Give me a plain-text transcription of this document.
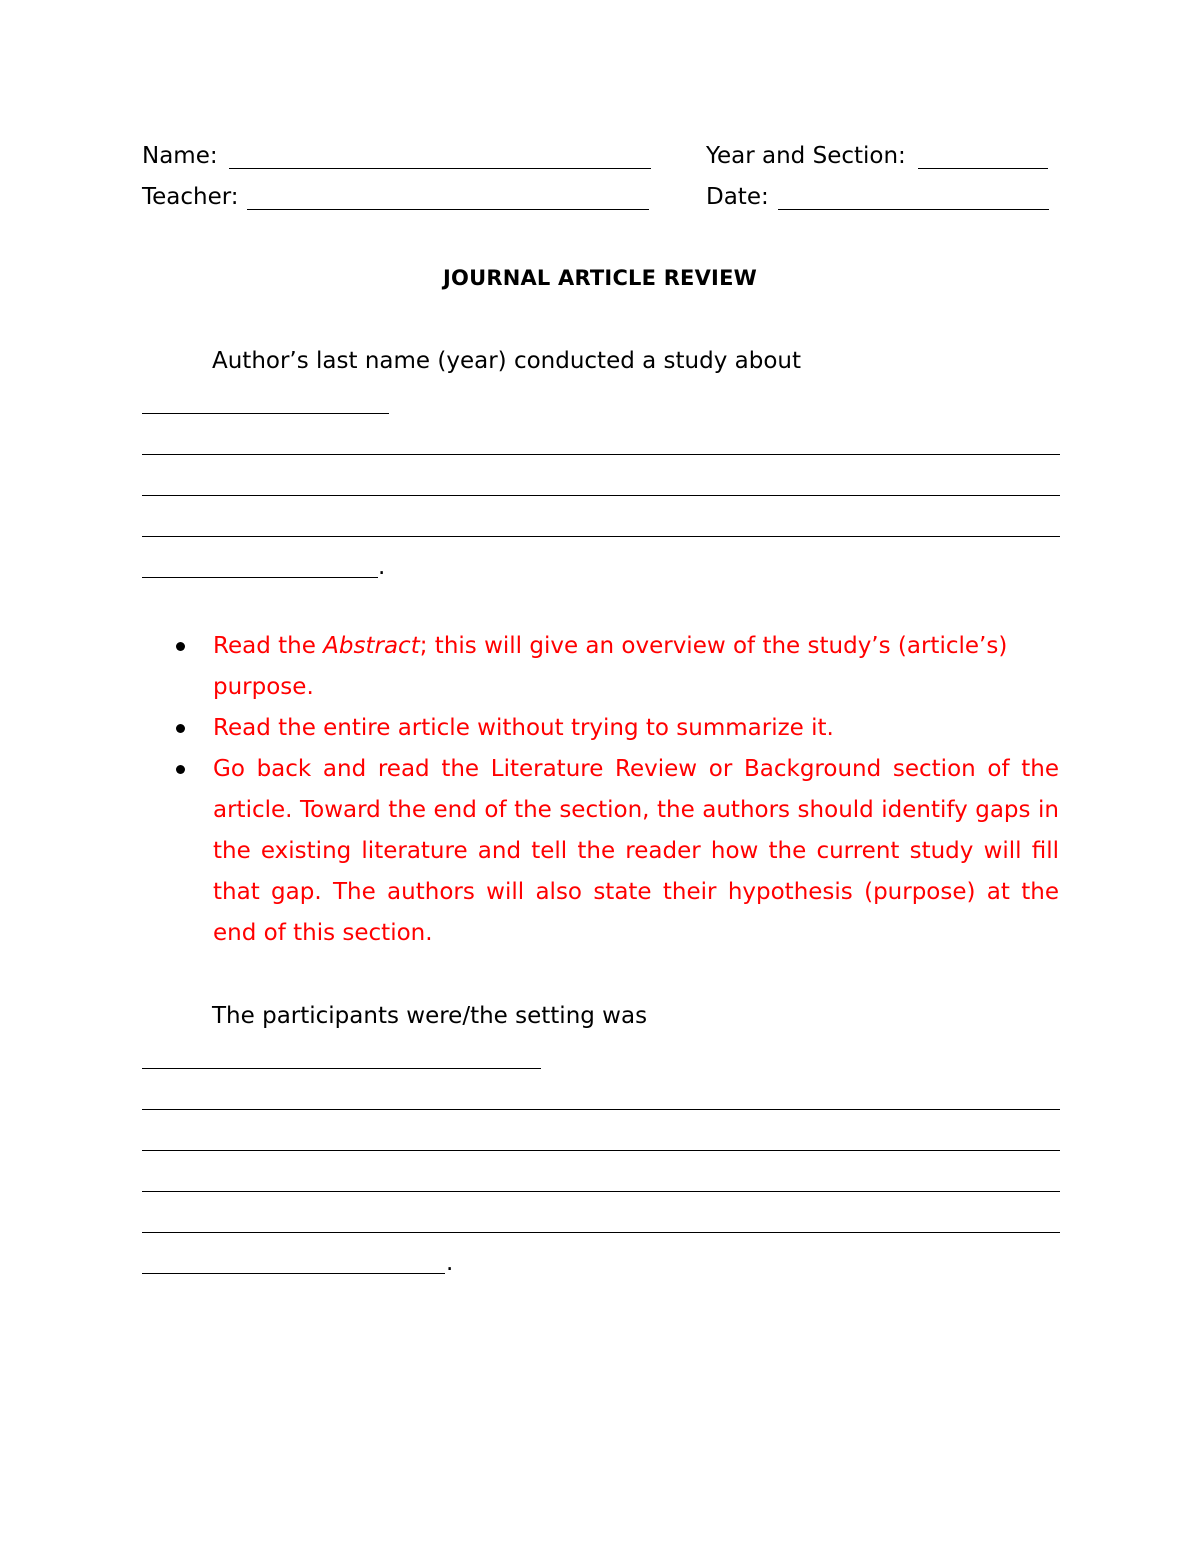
Name:	Year and Section:
Teacher:	Date:
JOURNAL ARTICLE REVIEW
Author’s last name (year) conducted a study about
.
Read the Abstract; this will give an overview of the study’s (article’s) purpose.
Read the entire article without trying to summarize it.
Go back and read the Literature Review or Background section of the article. Toward the end of the section, the authors should identify gaps in the existing literature and tell the reader how the current study will fill that gap. The authors will also state their hypothesis (purpose) at the end of this section.
The participants were/the setting was
.
